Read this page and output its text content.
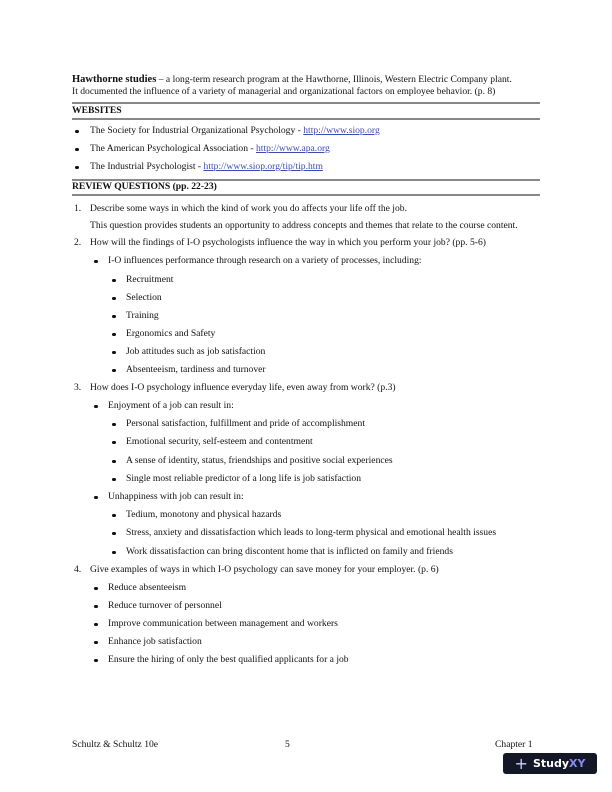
Hawthorne studies – a long-term research program at the Hawthorne, Illinois, Western Electric Company plant.
It documented the influence of a variety of managerial and organizational factors on employee behavior. (p. 8)
WEBSITES
REVIEW QUESTIONS (pp. 22-23)
Schultz & Schultz 10e	5	Chapter 1
+ StudyXY
The Society for Industrial Organizational Psychology - http://www.siop.org
The American Psychological Association - http://www.apa.org
The Industrial Psychologist - http://www.siop.org/tip/tip.htm
1. Describe some ways in which the kind of work you do affects your life off the job.
This question provides students an opportunity to address concepts and themes that relate to the course content.
2. How will the findings of I-O psychologists influence the way in which you perform your job? (pp. 5-6)
I-O influences performance through research on a variety of processes, including:
Recruitment
Selection
Training
Ergonomics and Safety
Job attitudes such as job satisfaction
Absenteeism, tardiness and turnover
3. How does I-O psychology influence everyday life, even away from work? (p.3)
Enjoyment of a job can result in:
Personal satisfaction, fulfillment and pride of accomplishment
Emotional security, self-esteem and contentment
A sense of identity, status, friendships and positive social experiences
Single most reliable predictor of a long life is job satisfaction
Unhappiness with job can result in:
Tedium, monotony and physical hazards
Stress, anxiety and dissatisfaction which leads to long-term physical and emotional health issues
Work dissatisfaction can bring discontent home that is inflicted on family and friends
4. Give examples of ways in which I-O psychology can save money for your employer. (p. 6)
Reduce absenteeism
Reduce turnover of personnel
Improve communication between management and workers
Enhance job satisfaction
Ensure the hiring of only the best qualified applicants for a job
